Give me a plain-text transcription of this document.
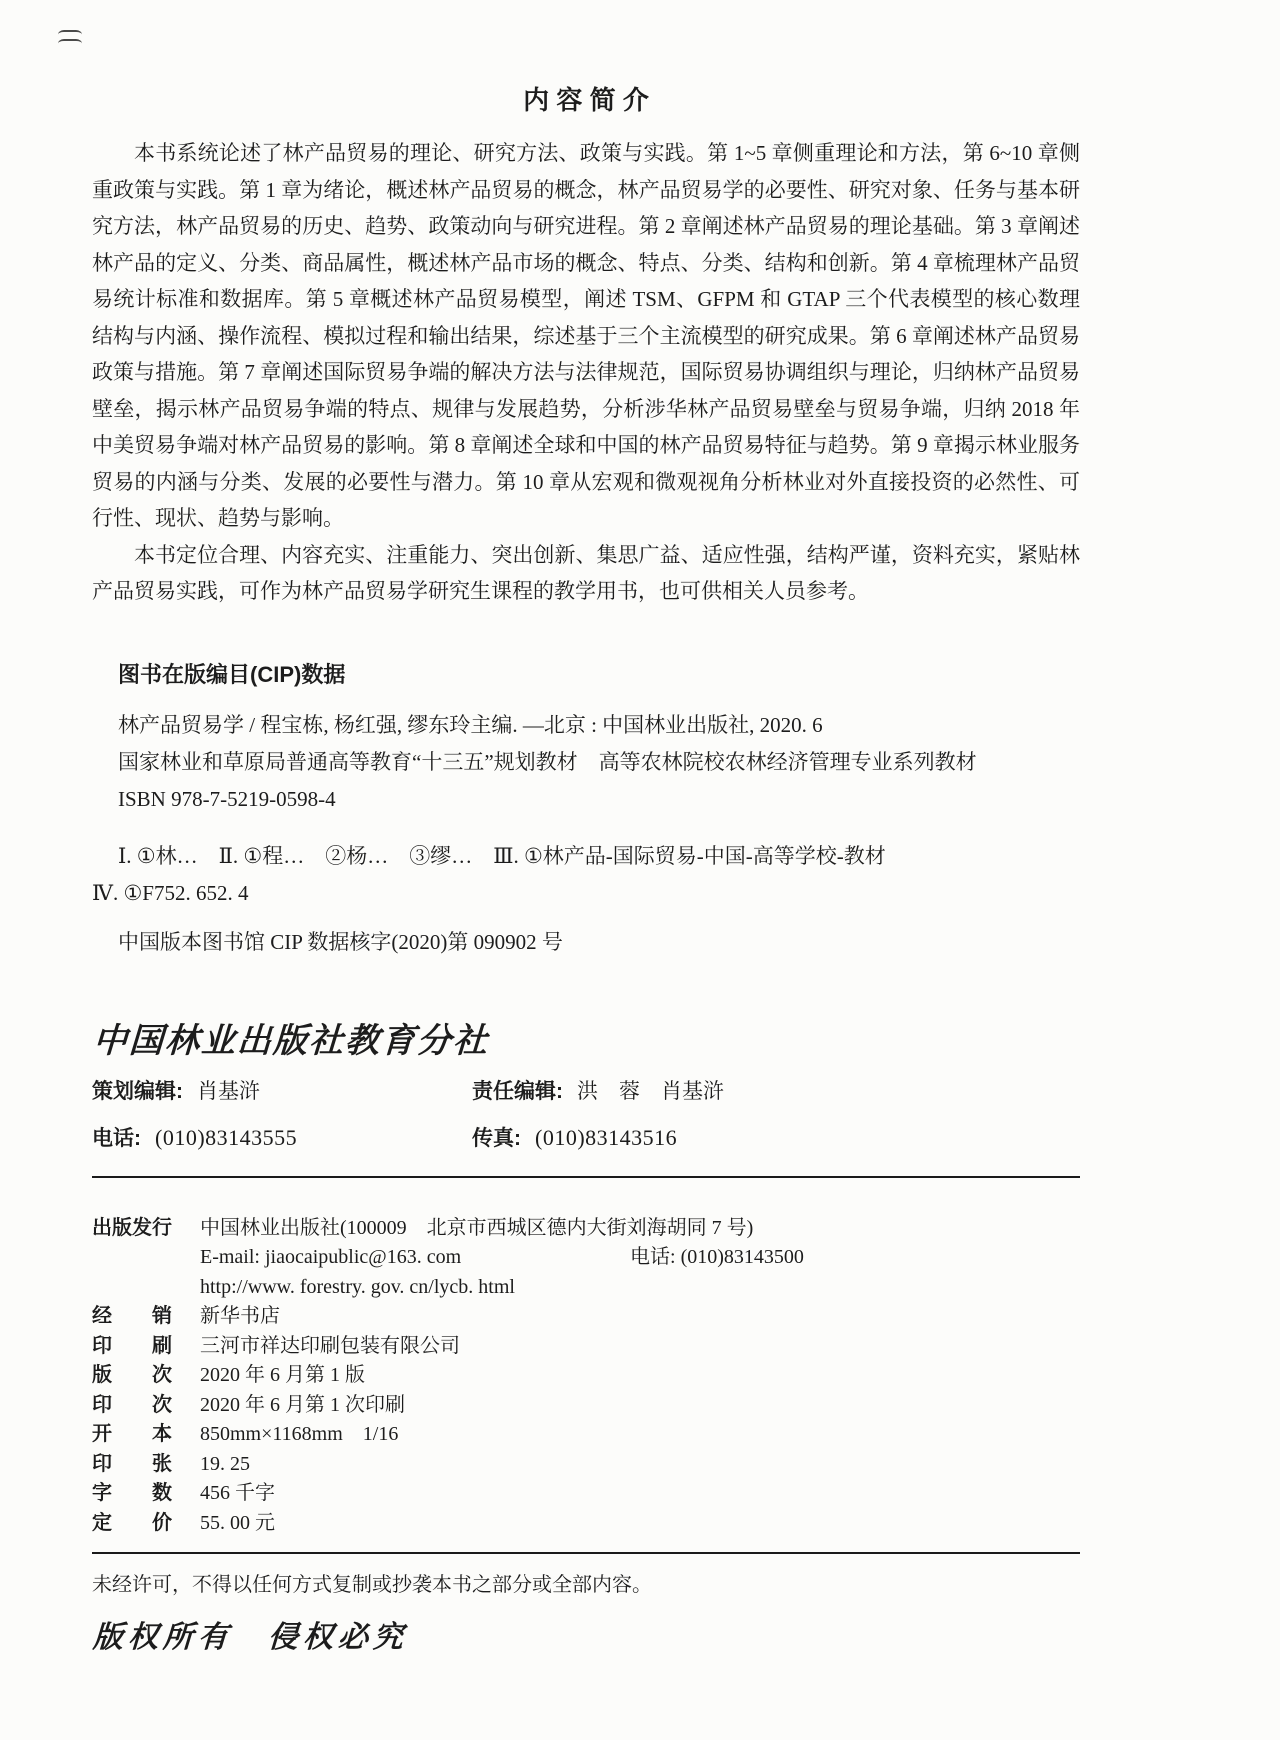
内 容 简 介

本书系统论述了林产品贸易的理论、研究方法、政策与实践。第 1~5 章侧重理论和方法，第 6~10 章侧重政策与实践。第 1 章为绪论，概述林产品贸易的概念，林产品贸易学的必要性、研究对象、任务与基本研究方法，林产品贸易的历史、趋势、政策动向与研究进程。第 2 章阐述林产品贸易的理论基础。第 3 章阐述林产品的定义、分类、商品属性，概述林产品市场的概念、特点、分类、结构和创新。第 4 章梳理林产品贸易统计标准和数据库。第 5 章概述林产品贸易模型，阐述 TSM、GFPM 和 GTAP 三个代表模型的核心数理结构与内涵、操作流程、模拟过程和输出结果，综述基于三个主流模型的研究成果。第 6 章阐述林产品贸易政策与措施。第 7 章阐述国际贸易争端的解决方法与法律规范，国际贸易协调组织与理论，归纳林产品贸易壁垒，揭示林产品贸易争端的特点、规律与发展趋势，分析涉华林产品贸易壁垒与贸易争端，归纳 2018 年中美贸易争端对林产品贸易的影响。第 8 章阐述全球和中国的林产品贸易特征与趋势。第 9 章揭示林业服务贸易的内涵与分类、发展的必要性与潜力。第 10 章从宏观和微观视角分析林业对外直接投资的必然性、可行性、现状、趋势与影响。

本书定位合理、内容充实、注重能力、突出创新、集思广益、适应性强，结构严谨，资料充实，紧贴林产品贸易实践，可作为林产品贸易学研究生课程的教学用书，也可供相关人员参考。

图书在版编目(CIP)数据

林产品贸易学 / 程宝栋, 杨红强, 缪东玲主编. —北京 : 中国林业出版社, 2020. 6

国家林业和草原局普通高等教育“十三五”规划教材　高等农林院校农林经济管理专业系列教材

ISBN 978-7-5219-0598-4

Ⅰ. ①林…　Ⅱ. ①程…　②杨…　③缪…　Ⅲ. ①林产品-国际贸易-中国-高等学校-教材

Ⅳ. ①F752. 652. 4

中国版本图书馆 CIP 数据核字(2020)第 090902 号

中国林业出版社教育分社
策划编辑: 肖基浒	责任编辑: 洪　蓉　肖基浒
电话: (010)83143555	传真: (010)83143516
出版发行	中国林业出版社(100009　北京市西城区德内大街刘海胡同 7 号)
E-mail: jiaocaipublic@163. com	电话: (010)83143500
http://www. forestry. gov. cn/lycb. html
经　　销	新华书店
印　　刷	三河市祥达印刷包装有限公司
版　　次	2020 年 6 月第 1 版
印　　次	2020 年 6 月第 1 次印刷
开　　本	850mm×1168mm　1/16
印　　张	19. 25
字　　数	456 千字
定　　价	55. 00 元

未经许可，不得以任何方式复制或抄袭本书之部分或全部内容。

版权所有　侵权必究
